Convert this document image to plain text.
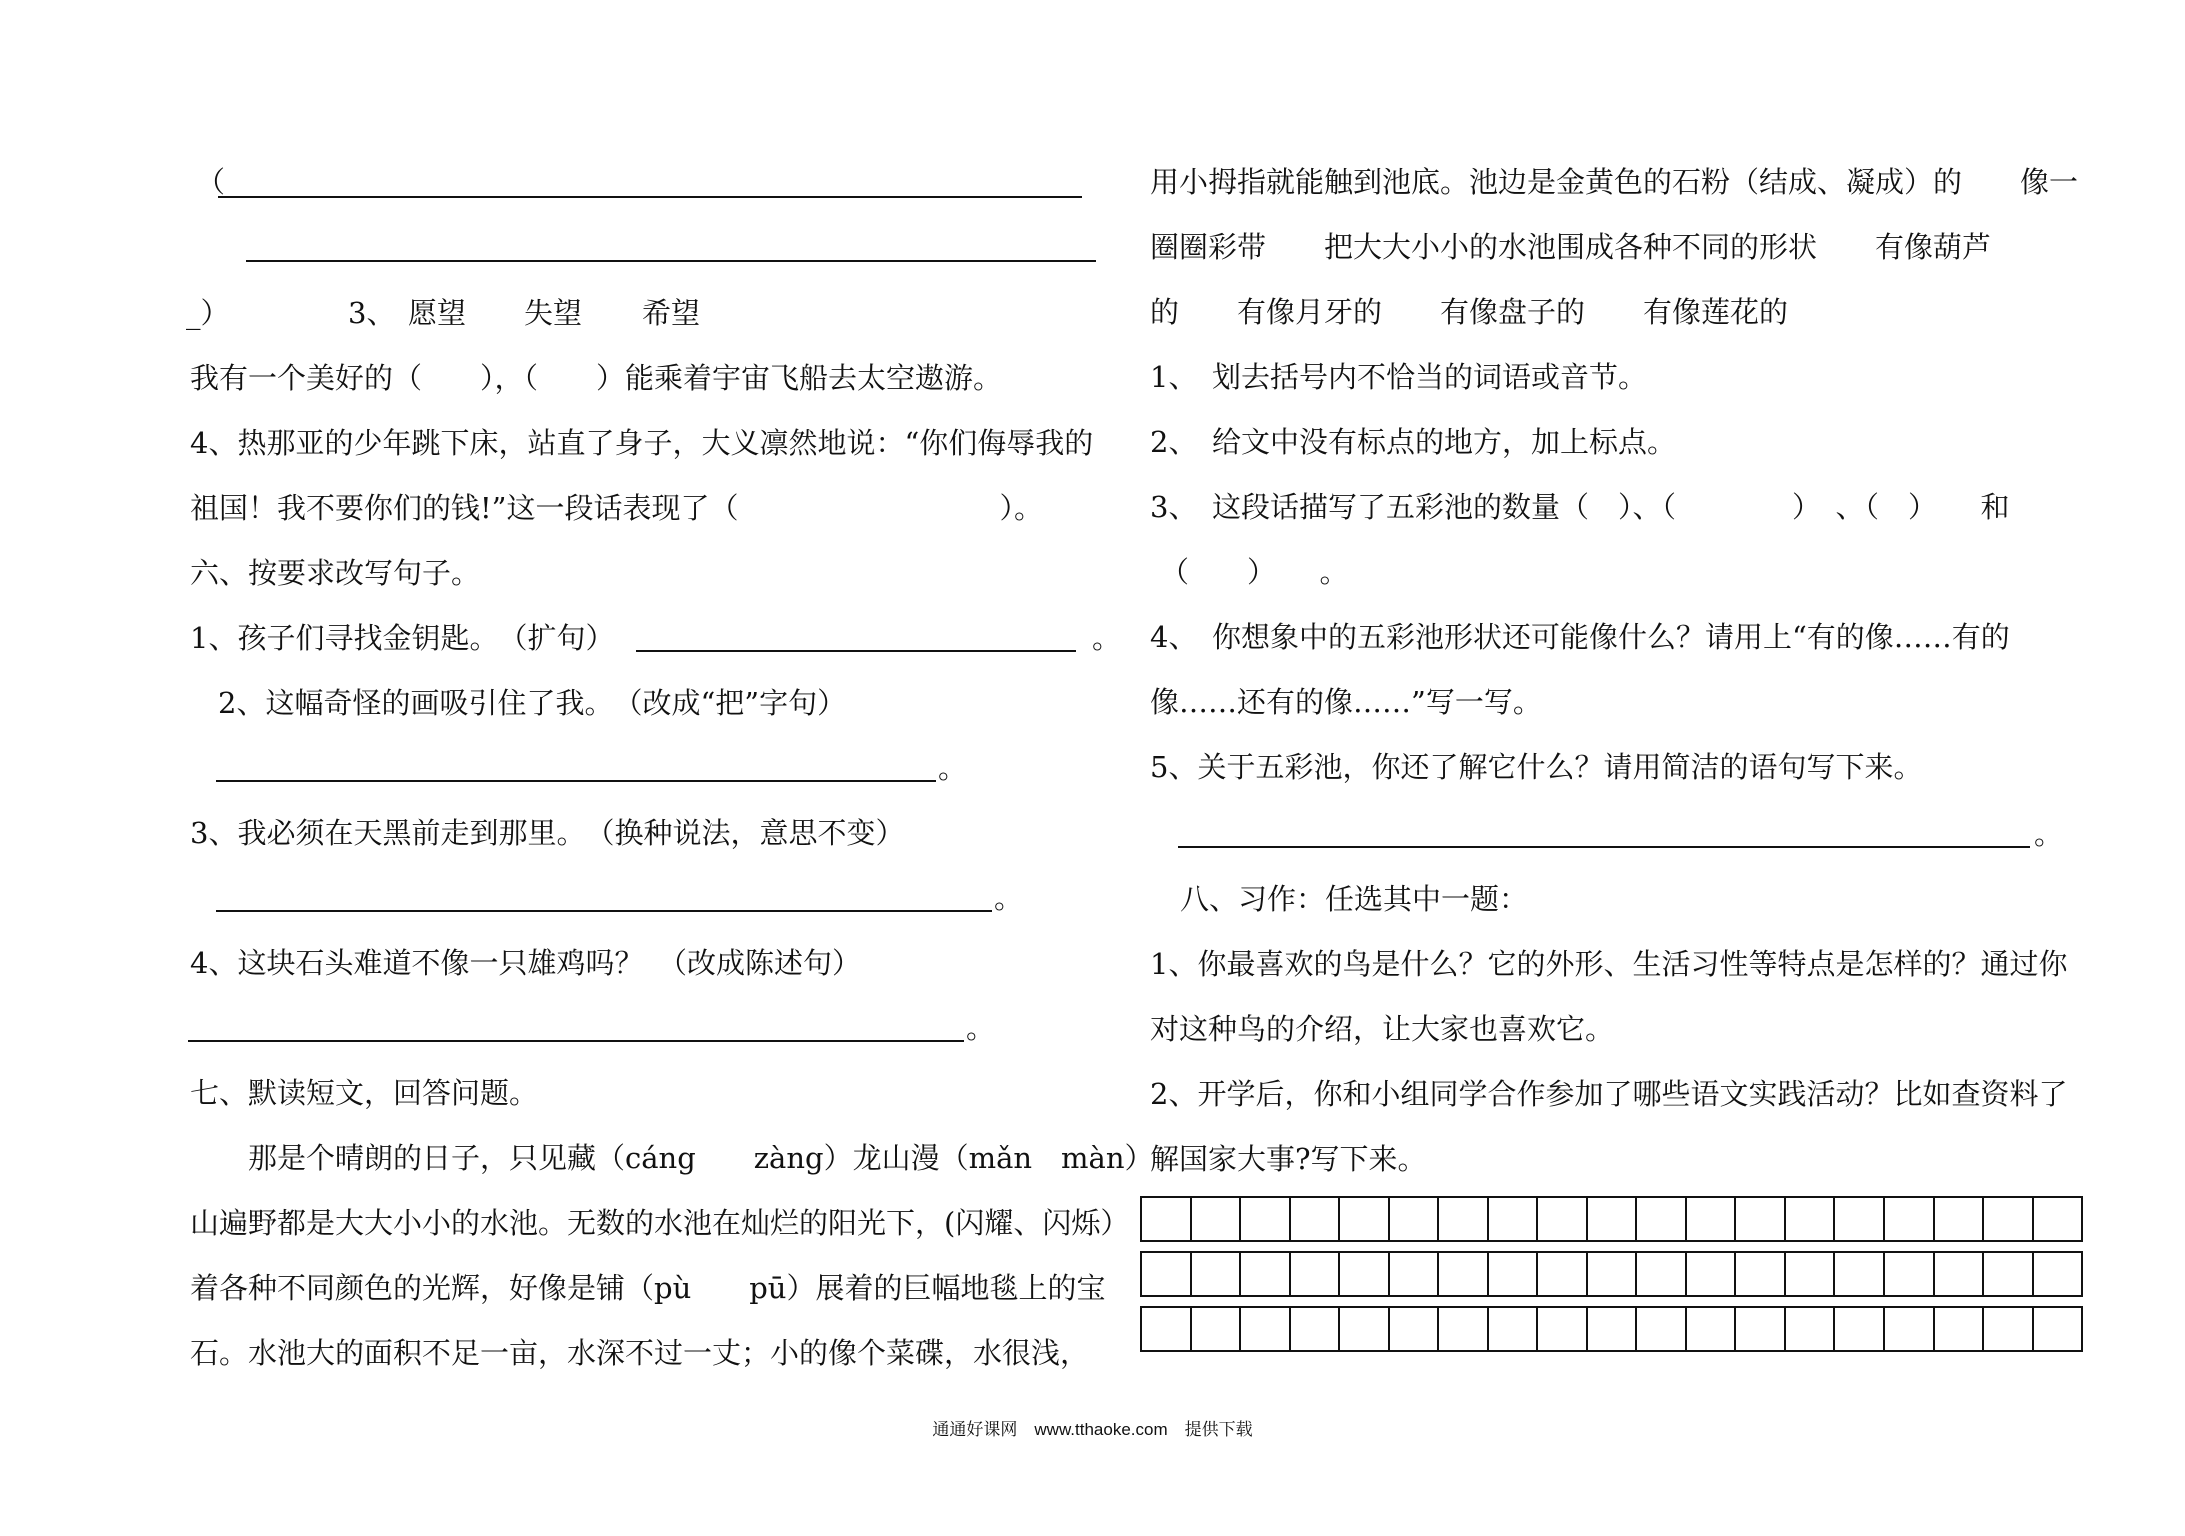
（
_）	3、 愿望 失望 希望
我有一个美好的（　　），（　　）能乘着宇宙飞船去太空遨游。
4、热那亚的少年跳下床，站直了身子，大义凛然地说：“你们侮辱我的
祖国！我不要你们的钱!”这一段话表现了（　　　　　　　　　）。
六、按要求改写句子。
1、孩子们寻找金钥匙。　（扩句）	。
2、这幅奇怪的画吸引住了我。　（改成“把”字句）
。
3、我必须在天黑前走到那里。　（换种说法，意思不变）
。
4、这块石头难道不像一只雄鸡吗？　（改成陈述句）
。
七、默读短文，回答问题。
　　那是个晴朗的日子，只见藏（cáng　　zàng）龙山漫（mǎn　màn）
山遍野都是大大小小的水池。无数的水池在灿烂的阳光下，(闪耀、闪烁）
着各种不同颜色的光辉，好像是铺（pù　　pū）展着的巨幅地毯上的宝
石。水池大的面积不足一亩，水深不过一丈；小的像个菜碟，水很浅，
用小拇指就能触到池底。池边是金黄色的石粉（结成、凝成）的　　像一
圈圈彩带　　把大大小小的水池围成各种不同的形状　　有像葫芦
的　　有像月牙的　　有像盘子的　　有像莲花的
1、　划去括号内不恰当的词语或音节。
2、　给文中没有标点的地方，加上标点。
3、　这段话描写了五彩池的数量（　）、（　　　　）　、（　）　　和
（　　）　　。
4、　你想象中的五彩池形状还可能像什么？请用上“有的像……有的
像……还有的像……”写一写。
5、关于五彩池，你还了解它什么？请用简洁的语句写下来。
。
八、习作：任选其中一题：
1、你最喜欢的鸟是什么？它的外形、生活习性等特点是怎样的？通过你
对这种鸟的介绍，让大家也喜欢它。
2、开学后，你和小组同学合作参加了哪些语文实践活动？比如查资料了
解国家大事?写下来。
通通好课网　www.tthaoke.com　提供下载
